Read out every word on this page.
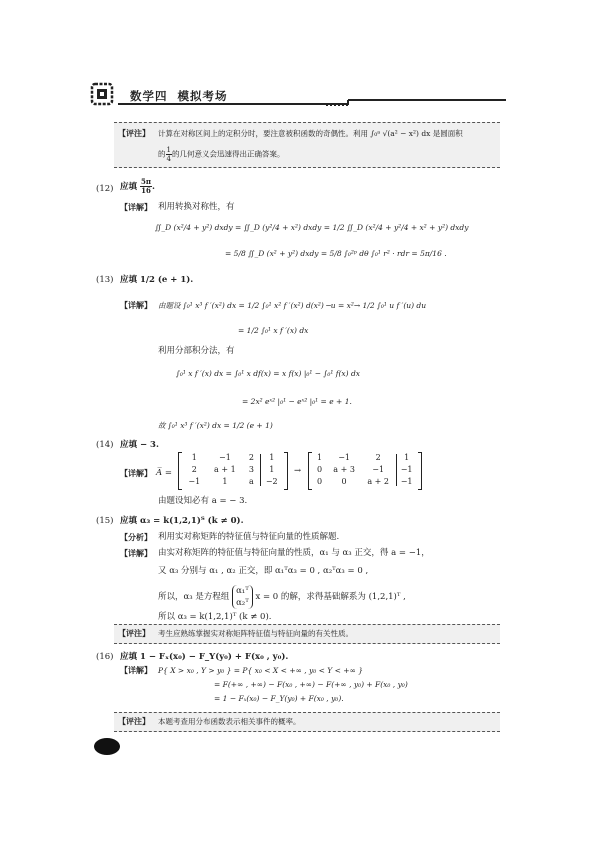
数学四 模拟考场
【评注】 计算在对称区间上的定积分时，要注意被积函数的奇偶性。利用 ∫₀ᵃ √(a² − x²) dx 是圆面积
的 $\frac{1}{4}$ 的几何意义会迅速得出正确答案。
(12) 应填 $\frac{5\pi}{16}$ .
【详解】 利用转换对称性，有
∬_D (x²/4 + y²) dxdy = ∬_D (y²/4 + x²) dxdy = 1/2 ∬_D (x²/4 + y²/4 + x² + y²) dxdy
= 5/8 ∬_D (x² + y²) dxdy = 5/8 ∫₀²ᵖ dθ ∫₀¹ r² · rdr = 5π/16 .
(13) 应填 1/2 (e + 1).
【详解】 由题设 ∫₀¹ x³ f ′(x²) dx = 1/2 ∫₀¹ x² f ′(x²) d(x²) ─u = x²→ 1/2 ∫₀¹ u f ′(u) du
= 1/2 ∫₀¹ x f ′(x) dx
利用分部积分法，有
∫₀¹ x f ′(x) dx = ∫₀¹ x df(x) = x f(x) |₀¹ − ∫₀¹ f(x) dx
= 2x² eˣ² |₀¹ − eˣ² |₀¹ = e + 1.
故 ∫₀¹ x³ f ′(x²) dx = 1/2 (e + 1)
(14) 应填 − 3.
【详解】 A̅ =
1	−1	2	1
2	a + 1	3	1
−1	1	a	−2
→
1	−1	2	1
0	a + 3	−1	−1
0	0	a + 2	−1
由题设知必有 a = − 3.
(15) 应填 α₃ = k(1,2,1)ᵀ (k ≠ 0).
【分析】 利用实对称矩阵的特征值与特征向量的性质解题.
【详解】 由实对称矩阵的特征值与特征向量的性质，α₁ 与 α₃ 正交，得 a = −1，
又 α₃ 分别与 α₁ , α₂ 正交，即 α₁ᵀα₃ = 0 , α₂ᵀα₃ = 0 ,
所以，α₃ 是方程组
α₁ᵀ
α₂ᵀ
x = 0 的解，求得基础解系为 (1,2,1)ᵀ ,
所以 α₃ = k(1,2,1)ᵀ (k ≠ 0).
【评注】 考生应熟练掌握实对称矩阵特征值与特征向量的有关性质。
(16) 应填 1 − Fₓ(x₀) − F_Y(y₀) + F(x₀ , y₀).
【详解】 P{ X > x₀ , Y > y₀ } = P{ x₀ < X < +∞ , y₀ < Y < +∞ }
= F(+∞ , +∞) − F(x₀ , +∞) − F(+∞ , y₀) + F(x₀ , y₀)
= 1 − Fₓ(x₀) − F_Y(y₀) + F(x₀ , y₀).
【评注】 本题考查用分布函数表示相关事件的概率。
